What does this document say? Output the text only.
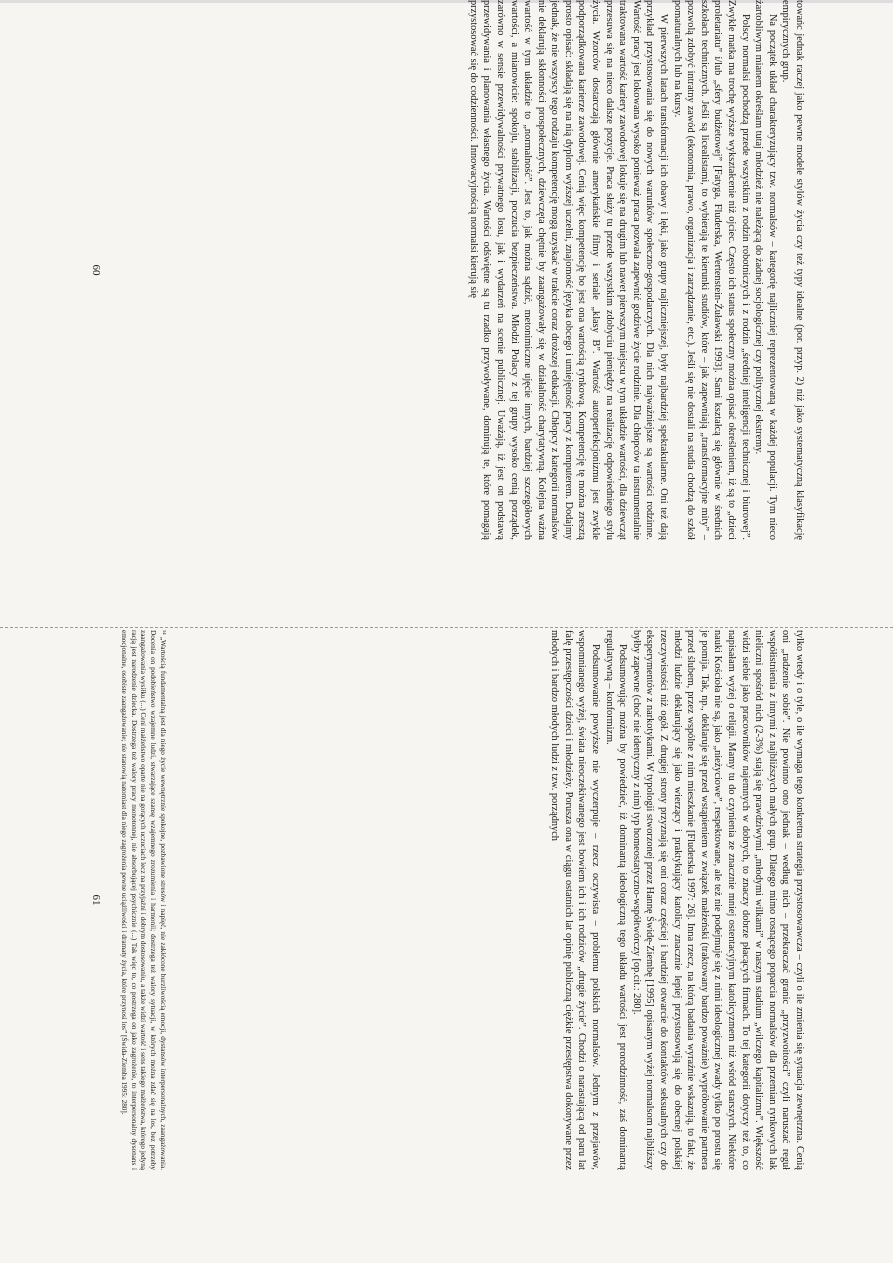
towańc jednak raczej jako pewne modele stylów życia czy też typy idealne (por. przyp. 2) niż jako systematyczną klasyfikację empirycznych grup.

Na początek układ charakteryzujący tzw. normalsów – kategorię najliczniej reprezentowaną w każdej populacji. Tym nieco żartobliwym mianem określam tutaj młodzież nie należącą do żadnej socjologicznej czy politycznej ekstremy.

Polscy normalsi pochodzą przede wszystkim z rodzin robotniczych i z rodzin „średniej inteligencji technicznej i biurowej”. Zwykle matka ma trochę wyższe wykształcenie niż ojciec. Często ich status społeczny można opisać określeniem, iż są to „dzieci proletariatu” i/lub „sfery budżetowej” [Fatyga, Fluderska, Wertenstein-Żuławski 1993]. Sami kształcą się głównie w średnich szkołach technicznych. Jeśli są licealistami, to wybierają te kierunki studiów, które – jak zapewniają „transformacyjne mity” – pozwolą zdobyć intratny zawód (ekonomia, prawo, organizacja i zarządzanie, etc.). Jeśli się nie dostali na studia chodzą do szkół pomaturalnych lub na kursy.

W pierwszych latach transformacji ich obawy i lęki, jako grupy najliczniejszej, były najbardziej spektakularne. Oni też dają przykład przystosowania się do nowych warunków społeczno-gospodarczych. Dla nich najważniejsze są wartości rodzinne. Wartość pracy jest lokowana wysoko ponieważ praca pozwala zapewnić godziwe życie rodzinie. Dla chłopców ta instrumentalnie traktowana wartość kariery zawodowej lokuje się na drugim lub nawet pierwszym miejscu w tym układzie wartości, dla dziewcząt przesuwa się na nieco dalsze pozycje. Praca służy tu przede wszystkim zdobyciu pieniędzy na realizację odpowiedniego stylu życia. Wzorców dostarczają głównie amerykańskie filmy i seriale „klasy B”. Wartość autoperfekcjonizmu jest zwykle podporządkowana karierze zawodowej. Cenią więc kompetencję bo jest ona wartością rynkową. Kompetencję tę można zresztą prosto opisać: składają się na nią dyplom wyższej uczelni, znajomość języka obcego i umiejętność pracy z komputerem. Dodajmy jednak, że nie wszyscy tego rodzaju kompetencję mogą uzyskać w trakcie coraz droższej edukacji. Chłopcy z kategorii normalsów nie deklarują skłonności prospołecznych, dziewczęta chętnie by zaangażowały się w działalność charytatywną. Kolejna ważna wartość w tym układzie to „normalność”. Jest to, jak można sądzić, metonimiczne ujęcie innych, bardziej szczegółowych wartości, a mianowicie: spokoju, stabilizacji, poczucia bezpieczeństwa. Młodzi Polacy z tej grupy wysoko cenią porządek, zarówno w sensie przewidywalności prywatnego losu, jak i wydarzeń na scenie publicznej. Uważają, iż jest on podstawą przewidywania i planowania własnego życia. Wartości odświętne są tu rzadko przywoływane, dominują te, które pomagają przystosować się do codzienności. Innowacyjnością normalsi kierują się

60

tylko wtedy i o tyle, o ile wymaga tego konkretna strategia przystosowawcza – czyli o ile zmienia się sytuacja zewnętrzna. Cenią oni „radzenie sobie”. Nie powinno ono jednak – według nich – przekraczać granic „przyzwoitości” czyli naruszać reguł współistnienia z innymi z najbliższych małych grup. Dlatego mimo rosnącego poparcia normalsów dla przemian rynkowych lak nieliczni spośród nich (2-3%) stają się prawdziwymi „młodymi wilkami” w naszym stadium „wilczego kapitalizmu”. Większość widzi siebie jako pracowników najemnych w dobrych, to znaczy dobrze płacących firmach. To tej kategorii dotyczy też to, co napisałam wyżej o religii. Mamy tu do czynienia ze znacznie mniej ostentacyjnym katolicyzmem niż wśród starszych. Niektóre nauki Kościoła nie są, jako „nieżyciowe”, respektowane, ale też nie podejmuje się z nimi ideologicznej zwady tylko po prostu się je pomija. Tak, np., deklaruje się przed wstąpieniem w związek małżeński (traktowany bardzo poważnie) wypróbowanie partnera przed ślubem, przez wspólne z nim mieszkanie [Fluderska 1997: 26]. Inna rzecz, na którą badania wyraźnie wskazują, to fakt, że młodzi ludzie deklarujący się jako wierzący i praktykujący katolicy znacznie lepiej przystosowują się do obecnej polskiej rzeczywistości niż ogół. Z drugiej strony przyznają się oni coraz częściej i bardziej otwarcie do kontaktów seksualnych czy do eksperymentów z narkotykami. W typologii stworzonej przez Hannę Świdę-Ziembę [1995] opisanym wyżej normalsom najbliższy byłby zapewne (choć nie identyczny z nim) typ homeostatyczno-współtwórczy [op.cit.: 280].

Podsumowując można by powiedzieć, iż dominantą ideologiczną tego układu wartości jest prorodzinność, zaś dominantą regulatywną – konformizm.

Podsumowanie powyższe nie wyczerpuje – rzecz oczywista – problemu polskich normalsów. Jednym z przejawów, wspomnianego wyżej, świata nieoczekiwanego jest bowiem ich i ich rodziców „drugie życie”. Chodzi o narastającą od paru lat falę przestępczości dzieci i młodzieży. Porusza ona w ciągu ostatnich lat opinię publiczną ciężkie przestępstwa dokonywane przez młodych i bardzo młodych ludzi z tzw. porządnych

¹⁴ „Wartością fundamentalną jest dla niego życie wewnętrznie spokojne, pozbawione stresów i napięć, nie zakłócone burzliwością emocji, dystansów interpersonalnych, zaangażowania. Docenia on podobieństwo wzajemne ludzi, stwarzające szansę wzajemnego zrozumienia i harmonii; dostrzega też walory sytuacji, w których można zdać się na los, bez potrzeby zaangażowania wysiłku (...) Ceni małżeństwo oparte nie na gorących uczuciach lecz na przyjaźni i dobrym dostosowaniu, a także widzi wartość i sens takiego małżeństwa, którego jedyną racją jest narodzenie dziecka. Dostrzega też walory pracy monotonnej, nie absorbującej psychicznie (...) Tak więc to, co postrzega on jako zagrożenie, to interpersonalny dysonans i emocjonalne, osobiste zaangażowanie; nie stanowią natomiast dla niego zagrożenia pewne uciążliwości i dramaty życia, które przynosi los” [Świda-Ziemba 1995: 280].

61
